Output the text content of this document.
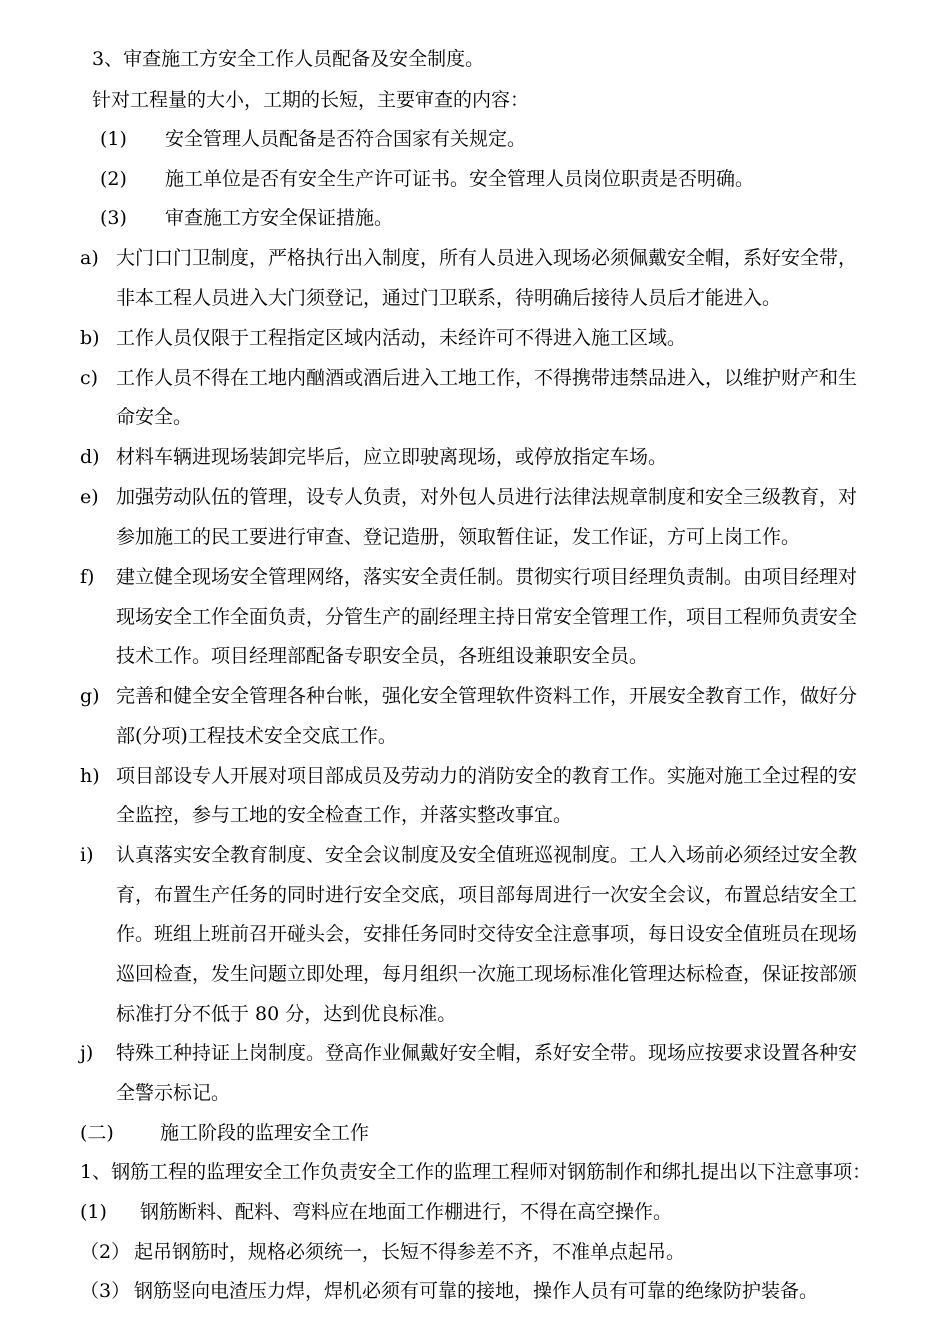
3、审查施工方安全工作人员配备及安全制度。
针对工程量的大小，工期的长短，主要审查的内容：
(1) 安全管理人员配备是否符合国家有关规定。
(2) 施工单位是否有安全生产许可证书。安全管理人员岗位职责是否明确。
(3) 审查施工方安全保证措施。
a) 大门口门卫制度，严格执行出入制度，所有人员进入现场必须佩戴安全帽，系好安全带，
非本工程人员进入大门须登记，通过门卫联系，待明确后接待人员后才能进入。
b) 工作人员仅限于工程指定区域内活动，未经许可不得进入施工区域。
c) 工作人员不得在工地内酗酒或酒后进入工地工作，不得携带违禁品进入，以维护财产和生
命安全。
d) 材料车辆进现场装卸完毕后，应立即驶离现场，或停放指定车场。
e) 加强劳动队伍的管理，设专人负责，对外包人员进行法律法规章制度和安全三级教育，对
参加施工的民工要进行审查、登记造册，领取暂住证，发工作证，方可上岗工作。
f) 建立健全现场安全管理网络，落实安全责任制。贯彻实行项目经理负责制。由项目经理对
现场安全工作全面负责，分管生产的副经理主持日常安全管理工作，项目工程师负责安全
技术工作。项目经理部配备专职安全员，各班组设兼职安全员。
g) 完善和健全安全管理各种台帐，强化安全管理软件资料工作，开展安全教育工作，做好分
部(分项)工程技术安全交底工作。
h) 项目部设专人开展对项目部成员及劳动力的消防安全的教育工作。实施对施工全过程的安
全监控，参与工地的安全检查工作，并落实整改事宜。
i) 认真落实安全教育制度、安全会议制度及安全值班巡视制度。工人入场前必须经过安全教
育，布置生产任务的同时进行安全交底，项目部每周进行一次安全会议，布置总结安全工
作。班组上班前召开碰头会，安排任务同时交待安全注意事项，每日设安全值班员在现场
巡回检查，发生问题立即处理，每月组织一次施工现场标准化管理达标检查，保证按部颁
标准打分不低于 80 分，达到优良标准。
j) 特殊工种持证上岗制度。登高作业佩戴好安全帽，系好安全带。现场应按要求设置各种安
全警示标记。
(二) 施工阶段的监理安全工作
1、钢筋工程的监理安全工作负责安全工作的监理工程师对钢筋制作和绑扎提出以下注意事项：
(1) 钢筋断料、配料、弯料应在地面工作棚进行，不得在高空操作。
（2） 起吊钢筋时，规格必须统一，长短不得参差不齐，不准单点起吊。
（3） 钢筋竖向电渣压力焊，焊机必须有可靠的接地，操作人员有可靠的绝缘防护装备。
